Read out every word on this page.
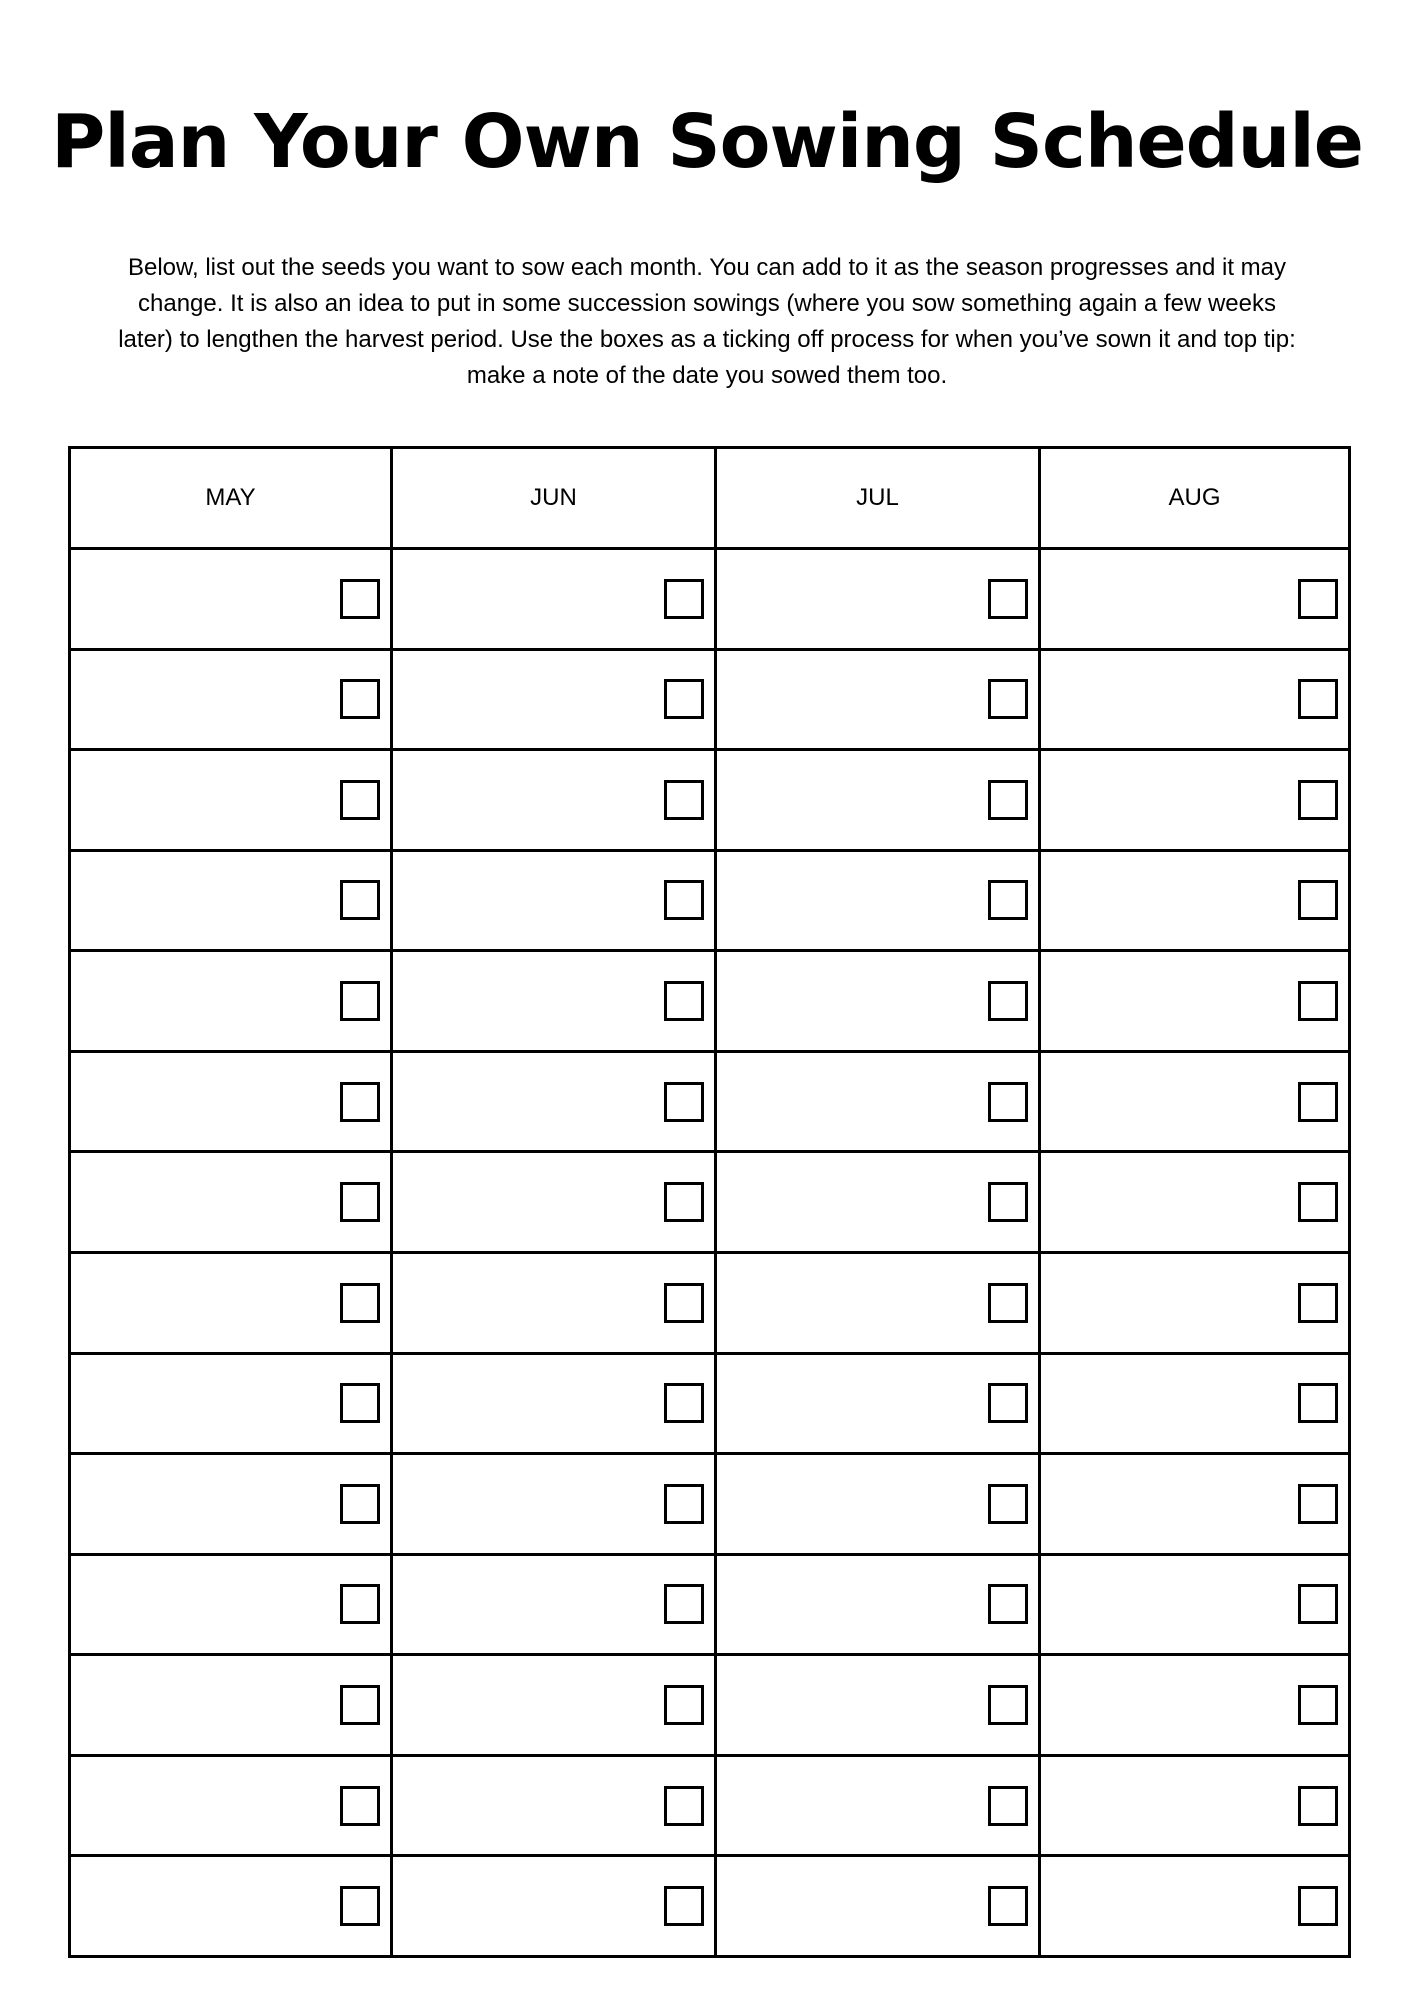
Plan Your Own Sowing Schedule

Below, list out the seeds you want to sow each month. You can add to it as the season progresses and it may change. It is also an idea to put in some succession sowings (where you sow something again a few weeks later) to lengthen the harvest period. Use the boxes as a ticking off process for when you’ve sown it and top tip: make a note of the date you sowed them too.

MAY	JUN	JUL	AUG
